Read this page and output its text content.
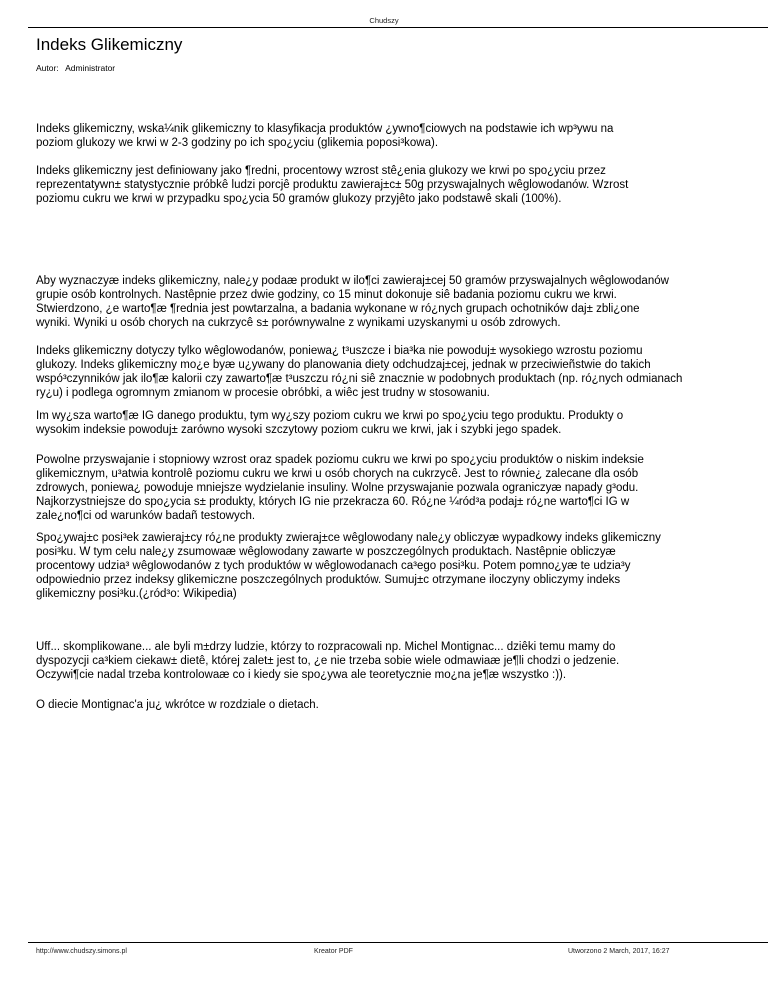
Chudszy
Indeks Glikemiczny
Autor: Administrator
Indeks glikemiczny, wska¼nik glikemiczny to klasyfikacja produktów ¿ywno¶ciowych na podstawie ich wp³ywu na
poziom glukozy we krwi w 2-3 godziny po ich spo¿yciu (glikemia poposi³kowa).
Indeks glikemiczny jest definiowany jako ¶redni, procentowy wzrost stê¿enia glukozy we krwi po spo¿yciu przez
reprezentatywn± statystycznie próbkê ludzi porcjê produktu zawieraj±c± 50g przyswajalnych wêglowodanów. Wzrost
poziomu cukru we krwi w przypadku spo¿ycia 50 gramów glukozy przyjêto jako podstawê skali (100%).
Aby wyznaczyæ indeks glikemiczny, nale¿y podaæ produkt w ilo¶ci zawieraj±cej 50 gramów przyswajalnych wêglowodanów
grupie osób kontrolnych. Nastêpnie przez dwie godziny, co 15 minut dokonuje siê badania poziomu cukru we krwi.
Stwierdzono, ¿e warto¶æ ¶rednia jest powtarzalna, a badania wykonane w ró¿nych grupach ochotników daj± zbli¿one
wyniki. Wyniki u osób chorych na cukrzycê s± porównywalne z wynikami uzyskanymi u osób zdrowych.
Indeks glikemiczny dotyczy tylko wêglowodanów, poniewa¿ t³uszcze i bia³ka nie powoduj± wysokiego wzrostu poziomu
glukozy. Indeks glikemiczny mo¿e byæ u¿ywany do planowania diety odchudzaj±cej, jednak w przeciwieñstwie do takich
wspó³czynników jak ilo¶æ kalorii czy zawarto¶æ t³uszczu ró¿ni siê znacznie w podobnych produktach (np. ró¿nych odmianach
ry¿u) i podlega ogromnym zmianom w procesie obróbki, a wiêc jest trudny w stosowaniu.
Im wy¿sza warto¶æ IG danego produktu, tym wy¿szy poziom cukru we krwi po spo¿yciu tego produktu. Produkty o
wysokim indeksie powoduj± zarówno wysoki szczytowy poziom cukru we krwi, jak i szybki jego spadek.
Powolne przyswajanie i stopniowy wzrost oraz spadek poziomu cukru we krwi po spo¿yciu produktów o niskim indeksie
glikemicznym, u³atwia kontrolê poziomu cukru we krwi u osób chorych na cukrzycê. Jest to równie¿ zalecane dla osób
zdrowych, poniewa¿ powoduje mniejsze wydzielanie insuliny. Wolne przyswajanie pozwala ograniczyæ napady g³odu.
Najkorzystniejsze do spo¿ycia s± produkty, których IG nie przekracza 60. Ró¿ne ¼ród³a podaj± ró¿ne warto¶ci IG w
zale¿no¶ci od warunków badañ testowych.
Spo¿ywaj±c posi³ek zawieraj±cy ró¿ne produkty zwieraj±ce wêglowodany nale¿y obliczyæ wypadkowy indeks glikemiczny
posi³ku. W tym celu nale¿y zsumowaæ wêglowodany zawarte w poszczególnych produktach. Nastêpnie obliczyæ
procentowy udzia³ wêglowodanów z tych produktów w wêglowodanach ca³ego posi³ku. Potem pomno¿yæ te udzia³y
odpowiednio przez indeksy glikemiczne poszczególnych produktów. Sumuj±c otrzymane iloczyny obliczymy indeks
glikemiczny posi³ku.(¿ród³o: Wikipedia)
Uff... skomplikowane... ale byli m±drzy ludzie, którzy to rozpracowali np. Michel Montignac... dziêki temu mamy do
dyspozycji ca³kiem ciekaw± dietê, której zalet± jest to, ¿e nie trzeba sobie wiele odmawiaæ je¶li chodzi o jedzenie.
Oczywi¶cie nadal trzeba kontrolowaæ co i kiedy sie spo¿ywa ale teoretycznie mo¿na je¶æ wszystko :)).
O diecie Montignac'a ju¿ wkrótce w rozdziale o dietach.
http://www.chudszy.simons.pl	Kreator PDF	Utworzono 2 March, 2017, 16:27
